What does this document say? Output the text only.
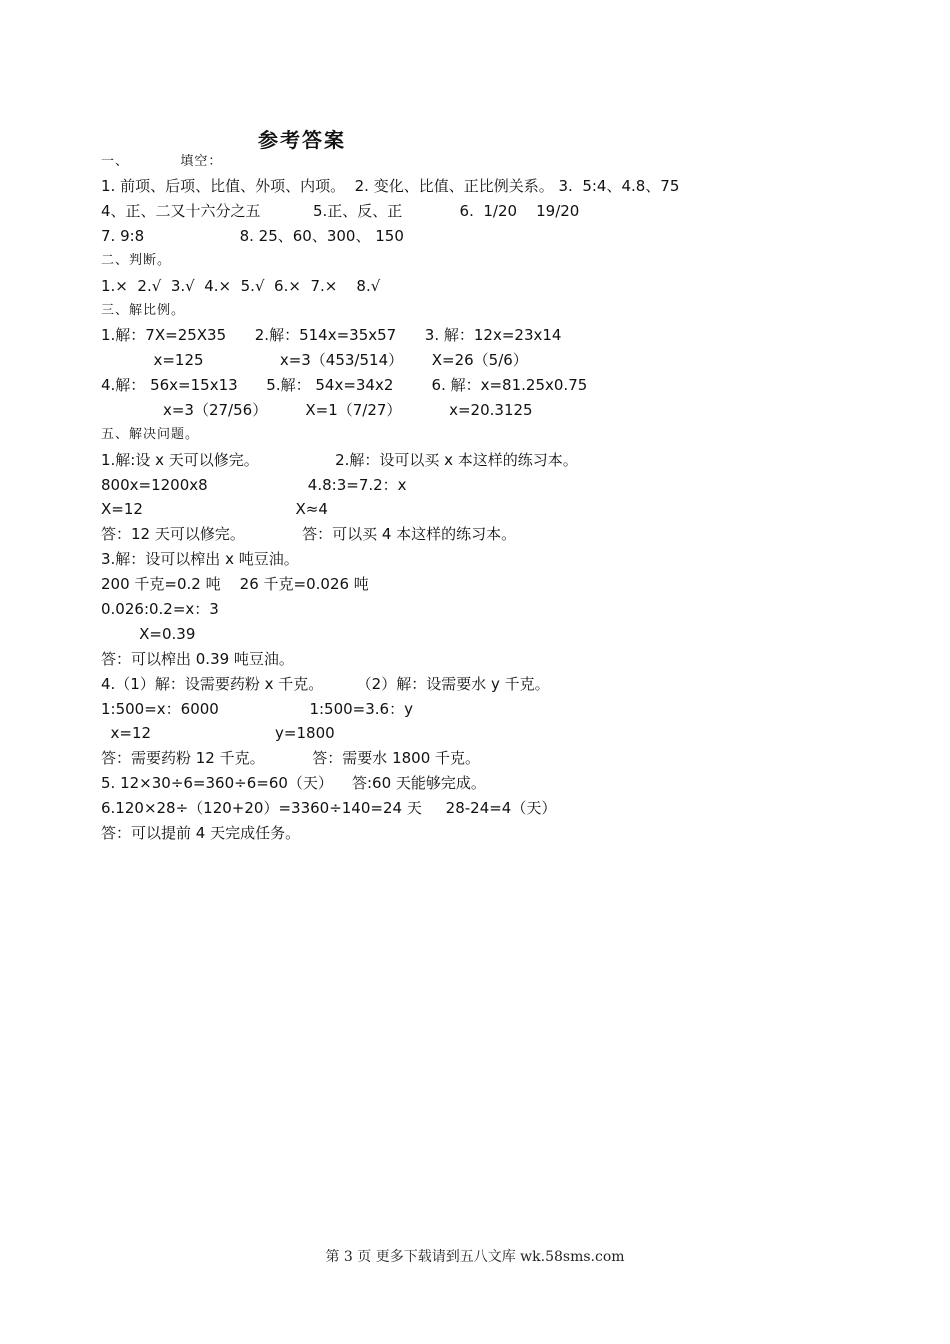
参考答案
一、          填空：
1. 前项、后项、比值、外项、内项。  2. 变化、比值、正比例关系。 3.  5:4、4.8、75
4、正、二又十六分之五           5.正、反、正            6.  1/20    19/20
7. 9:8                    8. 25、60、300、 150
二、判断。
1.×  2.√  3.√  4.×  5.√  6.×  7.×    8.√
三、解比例。
1.解：7X=25X35      2.解：514x=35x57      3. 解：12x=23x14
x=125                x=3（453/514）      X=26（5/6）
4.解： 56x=15x13      5.解： 54x=34x2        6. 解：x=81.25x0.75
x=3（27/56）        X=1（7/27）          x=20.3125
五、解决问题。
1.解:设 x 天可以修完。                2.解：设可以买 x 本这样的练习本。
800x=1200x8                     4.8:3=7.2：x
X=12                                X≈4
答：12 天可以修完。            答：可以买 4 本这样的练习本。
3.解：设可以榨出 x 吨豆油。
200 千克=0.2 吨    26 千克=0.026 吨
0.026:0.2=x：3
X=0.39
答：可以榨出 0.39 吨豆油。
4.（1）解：设需要药粉 x 千克。       （2）解：设需要水 y 千克。
1:500=x：6000                   1:500=3.6：y
x=12                          y=1800
答：需要药粉 12 千克。          答：需要水 1800 千克。
5. 12×30÷6=360÷6=60（天）    答:60 天能够完成。
6.120×28÷（120+20）=3360÷140=24 天     28-24=4（天）
答：可以提前 4 天完成任务。
第 3 页 更多下载请到五八文库 wk.58sms.com
